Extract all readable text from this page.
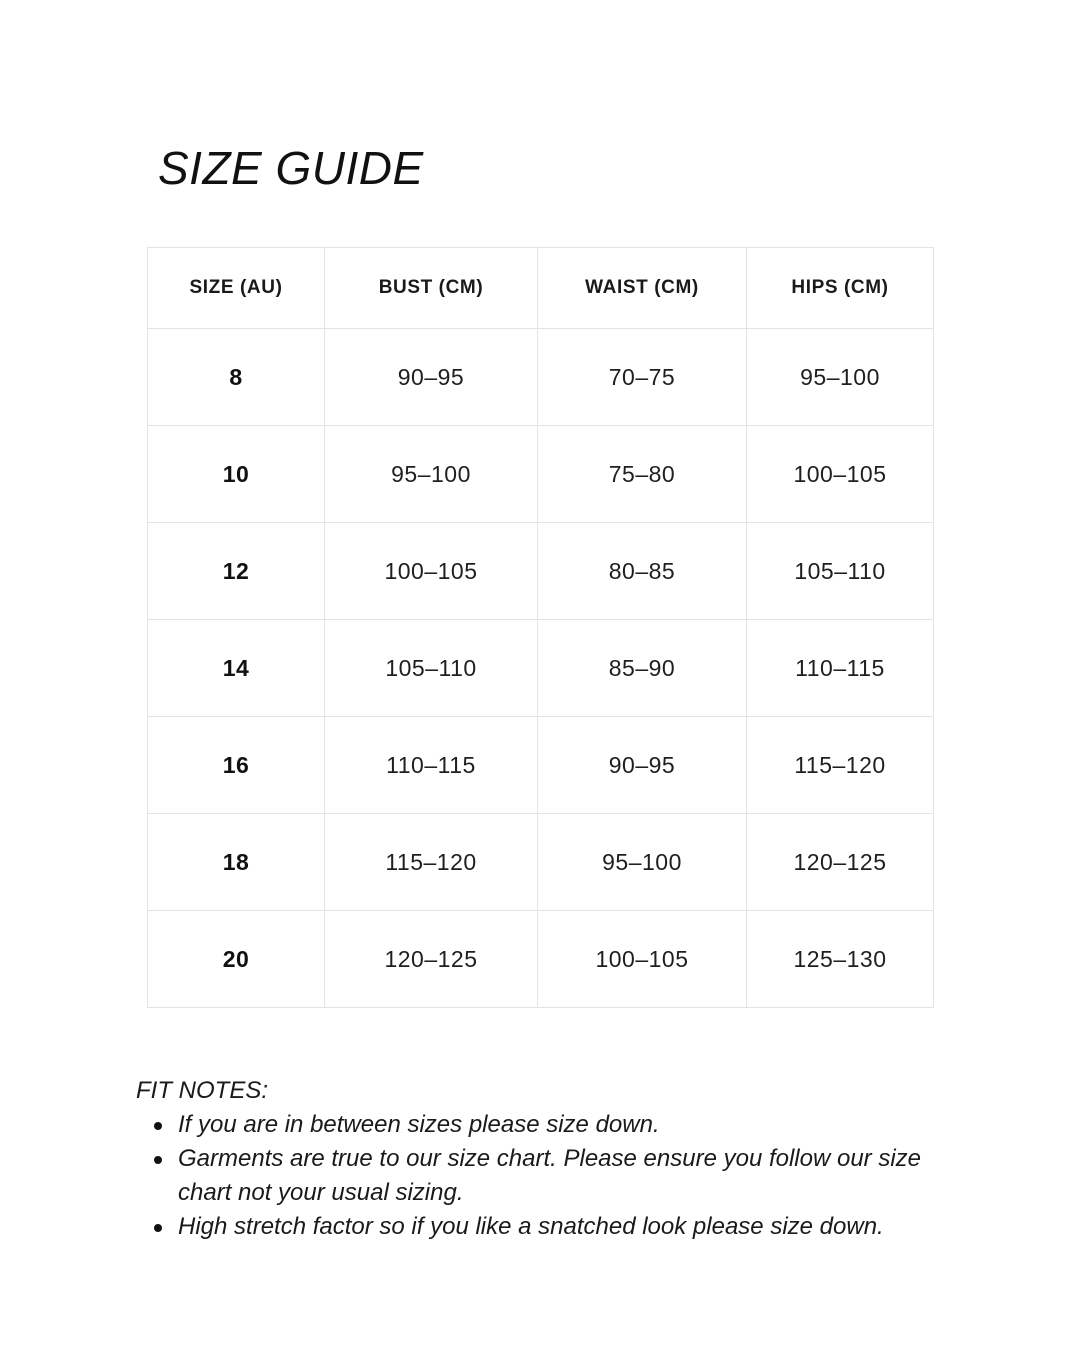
SIZE GUIDE
SIZE (AU)	BUST (CM)	WAIST (CM)	HIPS (CM)
8	90–95	70–75	95–100
10	95–100	75–80	100–105
12	100–105	80–85	105–110
14	105–110	85–90	110–115
16	110–115	90–95	115–120
18	115–120	95–100	120–125
20	120–125	100–105	125–130

FIT NOTES:

If you are in between sizes please size down.
Garments are true to our size chart. Please ensure you follow our size chart not your usual sizing.
High stretch factor so if you like a snatched look please size down.
